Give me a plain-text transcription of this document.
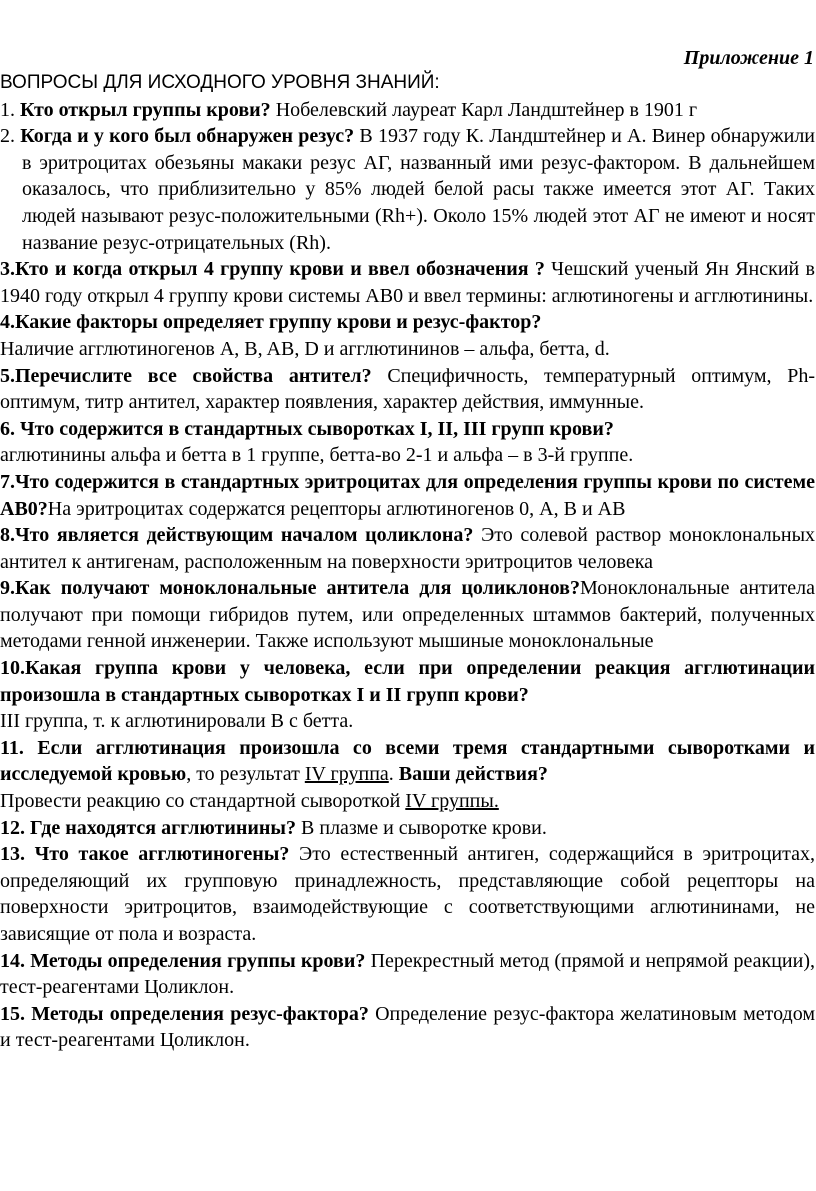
Приложение 1

ВОПРОСЫ ДЛЯ ИСХОДНОГО УРОВНЯ ЗНАНИЙ:

1. Кто открыл группы крови? Нобелевский лауреат Карл Ландштейнер в 1901 г

2. Когда и у кого был обнаружен резус? В 1937 году К. Ландштейнер и А. Винер обнаружили в эритроцитах обезьяны макаки резус АГ, названный ими резус-фактором. В дальнейшем оказалось, что приблизительно у 85% людей белой расы также имеется этот АГ. Таких людей называют резус-положительными (Rh+). Около 15% людей этот АГ не имеют и носят название резус-отрицательных (Rh).

3.Кто и когда открыл 4 группу крови и ввел обозначения ? Чешский ученый Ян Янский в 1940 году открыл 4 группу крови системы АВ0 и ввел термины: аглютиногены и агглютинины.

4.Какие факторы определяет группу крови и резус-фактор?
Наличие агглютиногенов A, B, AB, D и агглютининов – альфа, бетта, d.

5.Перечислите все свойства антител? Специфичность, температурный оптимум, Ph-оптимум, титр антител, характер появления, характер действия, иммунные.

6. Что содержится в стандартных сыворотках I, II, III групп крови?
аглютинины альфа и бетта в 1 группе, бетта-во 2-1 и альфа – в 3-й группе.

7.Что содержится в стандартных эритроцитах для определения группы крови по системе АВ0?На эритроцитах содержатся рецепторы аглютиногенов 0, А, В и АВ

8.Что является действующим началом цоликлона? Это солевой раствор моноклональных антител к антигенам, расположенным на поверхности эритроцитов человека

9.Как получают моноклональные антитела для цоликлонов?Моноклональные антитела получают при помощи гибридов путем, или определенных штаммов бактерий, полученных методами генной инженерии. Также используют мышиные моноклональные

10.Какая группа крови у человека, если при определении реакция агглютинации произошла в стандартных сыворотках I и II групп крови?
III группа, т. к аглютинировали В с бетта.

11. Если агглютинация произошла со всеми тремя стандартными сыворотками и исследуемой кровью, то результат IV группа. Ваши действия?
Провести реакцию со стандартной сывороткой IV группы.

12. Где находятся агглютинины? В плазме и сыворотке крови.

13. Что такое агглютиногены? Это естественный антиген, содержащийся в эритроцитах, определяющий их групповую принадлежность, представляющие собой рецепторы на поверхности эритроцитов, взаимодействующие с соответствующими аглютининами, не зависящие от пола и возраста.

14. Методы определения группы крови? Перекрестный метод (прямой и непрямой реакции), тест-реагентами Цоликлон.

15. Методы определения резус-фактора? Определение резус-фактора желатиновым методом и тест-реагентами Цоликлон.
